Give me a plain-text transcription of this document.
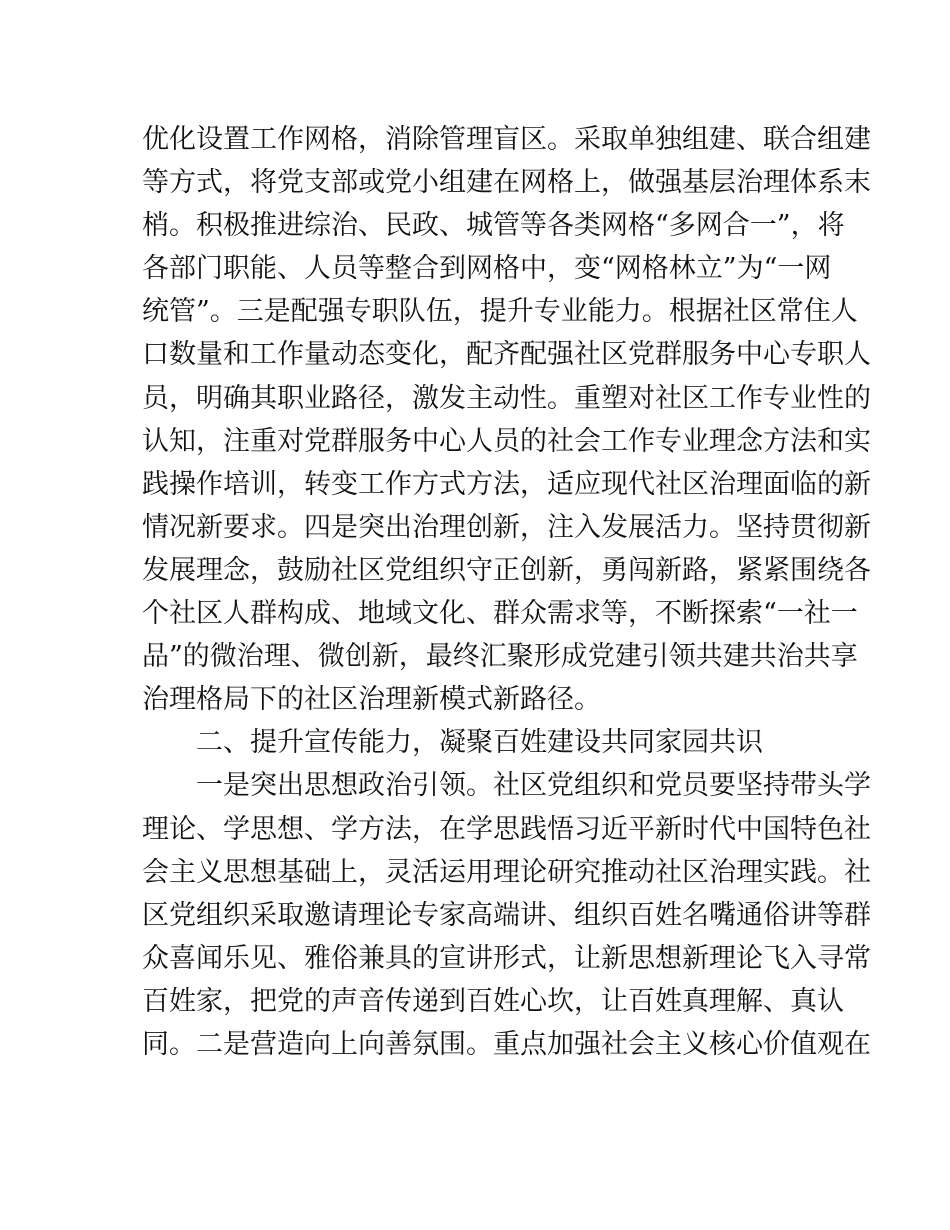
优化设置工作网格，消除管理盲区。采取单独组建、联合组建
等方式，将党支部或党小组建在网格上，做强基层治理体系末
梢。积极推进综治、民政、城管等各类网格“多网合一”，将
各部门职能、人员等整合到网格中，变“网格林立”为“一网
统管”。三是配强专职队伍，提升专业能力。根据社区常住人
口数量和工作量动态变化，配齐配强社区党群服务中心专职人
员，明确其职业路径，激发主动性。重塑对社区工作专业性的
认知，注重对党群服务中心人员的社会工作专业理念方法和实
践操作培训，转变工作方式方法，适应现代社区治理面临的新
情况新要求。四是突出治理创新，注入发展活力。坚持贯彻新
发展理念，鼓励社区党组织守正创新，勇闯新路，紧紧围绕各
个社区人群构成、地域文化、群众需求等，不断探索“一社一
品”的微治理、微创新，最终汇聚形成党建引领共建共治共享
治理格局下的社区治理新模式新路径。
二、提升宣传能力，凝聚百姓建设共同家园共识
一是突出思想政治引领。社区党组织和党员要坚持带头学
理论、学思想、学方法，在学思践悟习近平新时代中国特色社
会主义思想基础上，灵活运用理论研究推动社区治理实践。社
区党组织采取邀请理论专家高端讲、组织百姓名嘴通俗讲等群
众喜闻乐见、雅俗兼具的宣讲形式，让新思想新理论飞入寻常
百姓家，把党的声音传递到百姓心坎，让百姓真理解、真认
同。二是营造向上向善氛围。重点加强社会主义核心价值观在
